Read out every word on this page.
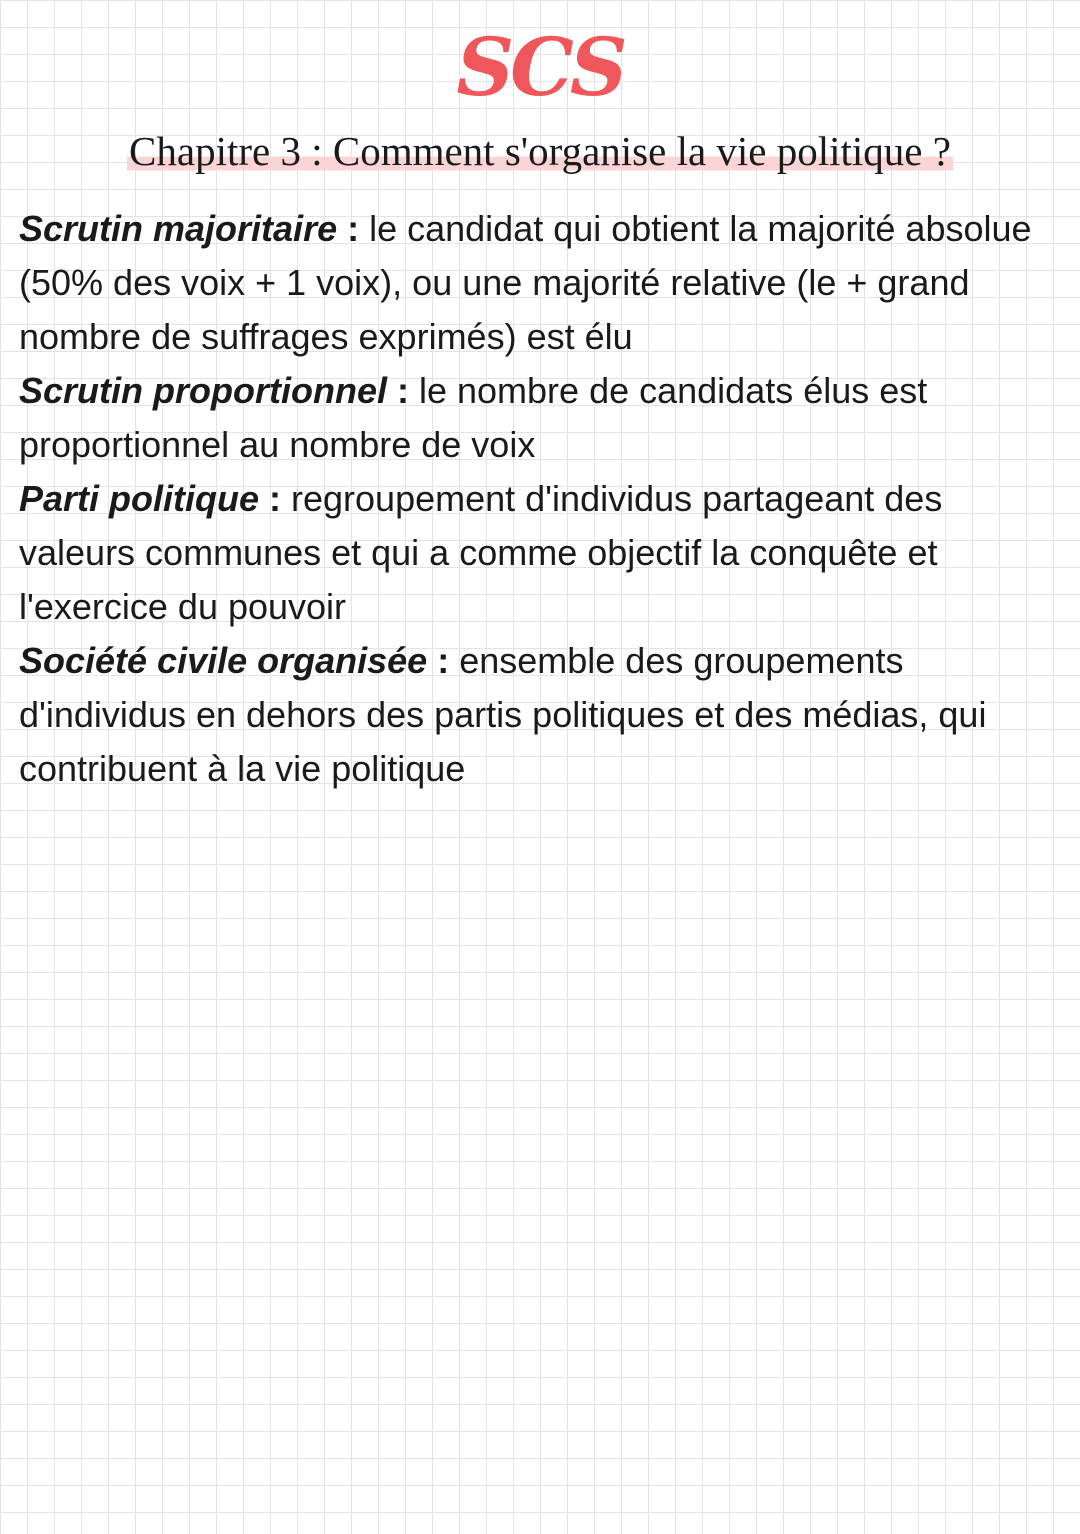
SCS
Chapitre 3 : Comment s'organise la vie politique ?

Scrutin majoritaire : le candidat qui obtient la majorité absolue (50% des voix + 1 voix), ou une majorité relative (le + grand nombre de suffrages exprimés) est élu

Scrutin proportionnel : le nombre de candidats élus est proportionnel au nombre de voix

Parti politique : regroupement d'individus partageant des valeurs communes et qui a comme objectif la conquête et l'exercice du pouvoir

Société civile organisée : ensemble des groupements d'individus en dehors des partis politiques et des médias, qui contribuent à la vie politique
